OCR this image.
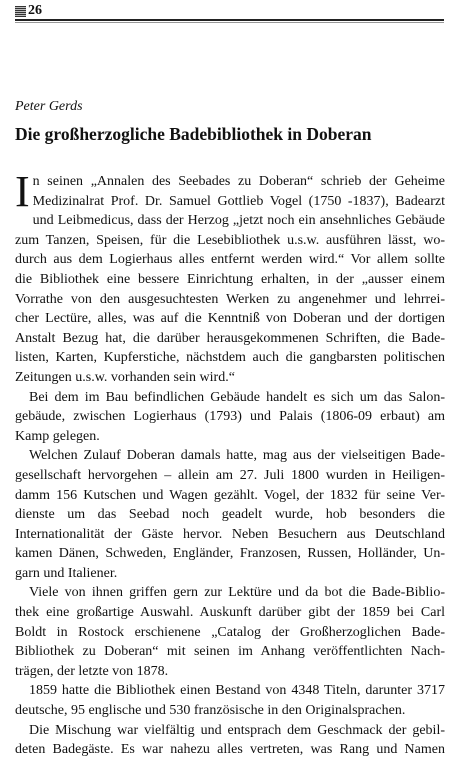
26
Peter Gerds
Die großherzogliche Badebibliothek in Doberan
I n seinen „Annalen des Seebades zu Doberan“ schrieb der Geheime
Medizinalrat Prof. Dr. Samuel Gottlieb Vogel (1750 -1837), Badearzt
und Leibmedicus, dass der Herzog „jetzt noch ein ansehnliches Gebäude
zum Tanzen, Speisen, für die Lesebibliothek u.s.w. ausführen lässt, wo-
durch aus dem Logierhaus alles entfernt werden wird.“ Vor allem sollte
die Bibliothek eine bessere Einrichtung erhalten, in der „ausser einem
Vorrathe von den ausgesuchtesten Werken zu angenehmer und lehrrei-
cher Lectüre, alles, was auf die Kenntniß von Doberan und der dortigen
Anstalt Bezug hat, die darüber herausgekommenen Schriften, die Bade-
listen, Karten, Kupferstiche, nächstdem auch die gangbarsten politischen
Zeitungen u.s.w. vorhanden sein wird.“
Bei dem im Bau befindlichen Gebäude handelt es sich um das Salon-
gebäude, zwischen Logierhaus (1793) und Palais (1806-09 erbaut) am
Kamp gelegen.
Welchen Zulauf Doberan damals hatte, mag aus der vielseitigen Bade-
gesellschaft hervorgehen – allein am 27. Juli 1800 wurden in Heiligen-
damm 156 Kutschen und Wagen gezählt. Vogel, der 1832 für seine Ver-
dienste um das Seebad noch geadelt wurde, hob besonders die
Internationalität der Gäste hervor. Neben Besuchern aus Deutschland
kamen Dänen, Schweden, Engländer, Franzosen, Russen, Holländer, Un-
garn und Italiener.
Viele von ihnen griffen gern zur Lektüre und da bot die Bade-Biblio-
thek eine großartige Auswahl. Auskunft darüber gibt der 1859 bei Carl
Boldt in Rostock erschienene „Catalog der Großherzoglichen Bade-
Bibliothek zu Doberan“ mit seinen im Anhang veröffentlichten Nach-
trägen, der letzte von 1878.
1859 hatte die Bibliothek einen Bestand von 4348 Titeln, darunter 3717
deutsche, 95 englische und 530 französische in den Originalsprachen.
Die Mischung war vielfältig und entsprach dem Geschmack der gebil-
deten Badegäste. Es war nahezu alles vertreten, was Rang und Namen
